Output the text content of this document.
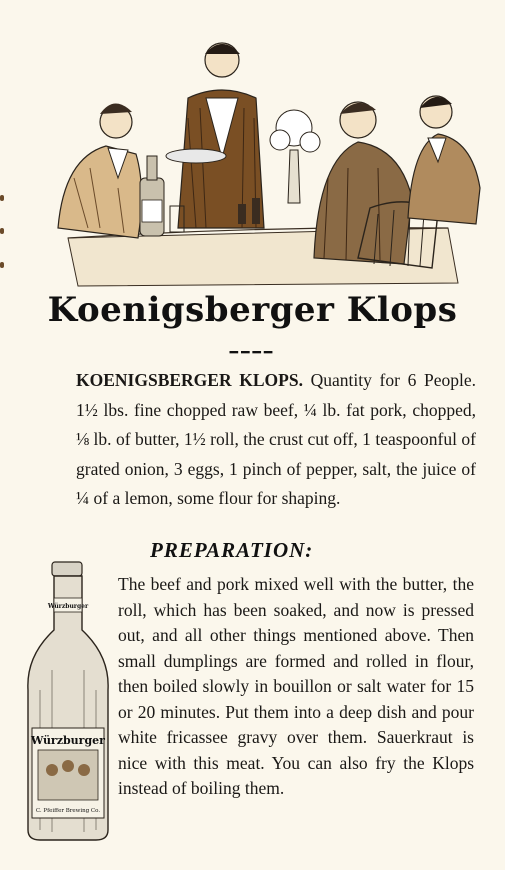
Koenigsberger Klops
━━━━
KOENIGSBERGER KLOPS. Quantity for 6 People. 1½ lbs. fine chopped raw beef, ¼ lb. fat pork, chopped, ⅛ lb. of butter, 1½ roll, the crust cut off, 1 teaspoonful of grated onion, 3 eggs, 1 pinch of pepper, salt, the juice of ¼ of a lemon, some flour for shaping.
PREPARATION:
The beef and pork mixed well with the butter, the roll, which has been soaked, and now is pressed out, and all other things mentioned above. Then small dumplings are formed and rolled in flour, then boiled slowly in bouillon or salt water for 15 or 20 minutes. Put them into a deep dish and pour white fricassee gravy over them. Sauerkraut is nice with this meat. You can also fry the Klops instead of boiling them.
Würzburger
Würzburger
C. Pfeiffer Brewing Co.
